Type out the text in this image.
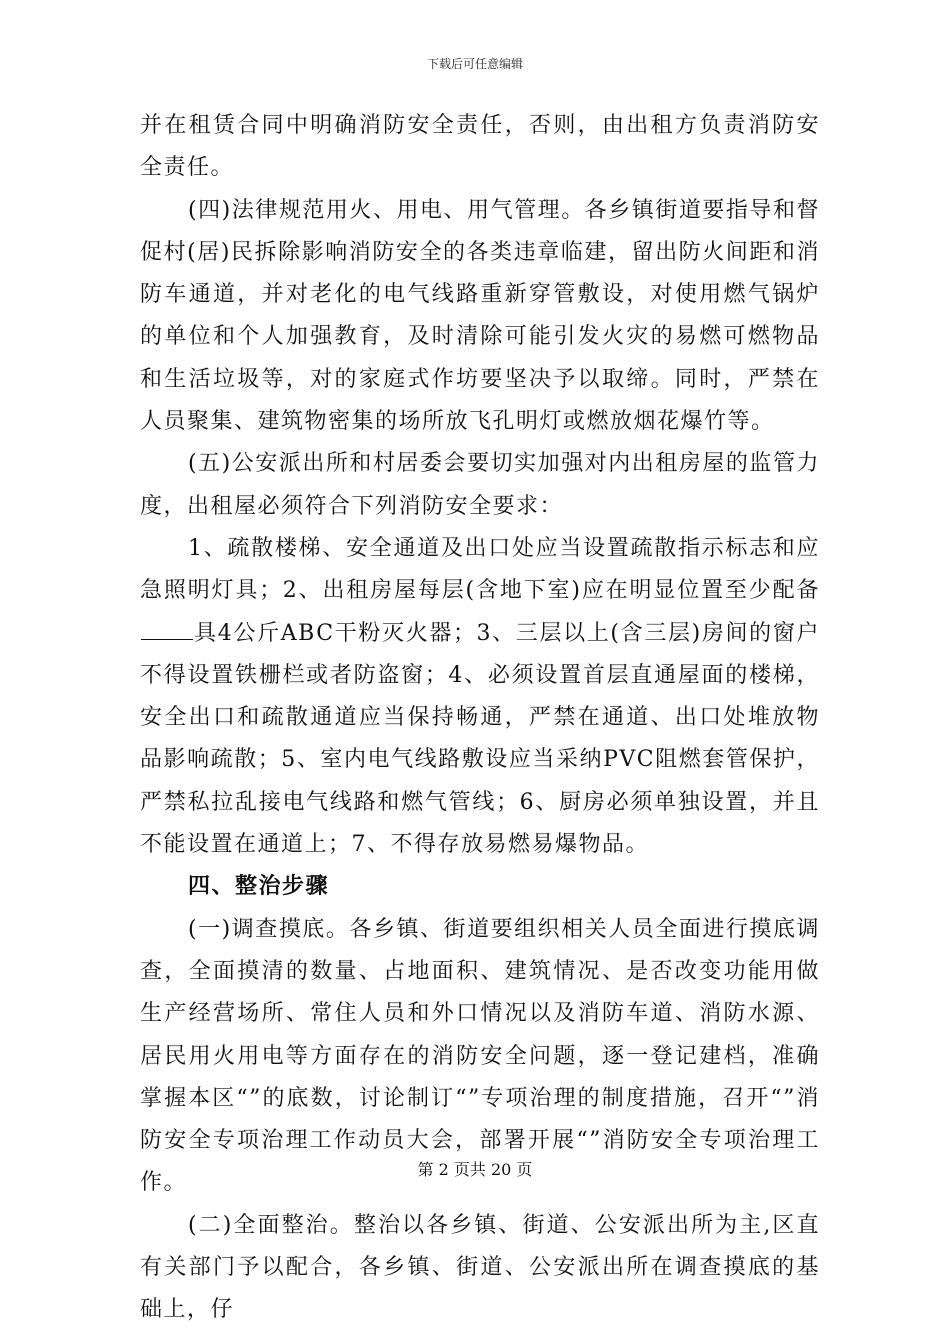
下载后可任意编辑

并在租赁合同中明确消防安全责任，否则，由出租方负责消防安全责任。

(四)法律规范用火、用电、用气管理。各乡镇街道要指导和督促村(居)民拆除影响消防安全的各类违章临建，留出防火间距和消防车通道，并对老化的电气线路重新穿管敷设，对使用燃气锅炉的单位和个人加强教育，及时清除可能引发火灾的易燃可燃物品和生活垃圾等，对的家庭式作坊要坚决予以取缔。同时，严禁在人员聚集、建筑物密集的场所放飞孔明灯或燃放烟花爆竹等。

(五)公安派出所和村居委会要切实加强对内出租房屋的监管力度，出租屋必须符合下列消防安全要求：

1、疏散楼梯、安全通道及出口处应当设置疏散指示标志和应急照明灯具；2、出租房屋每层(含地下室)应在明显位置至少配备具4公斤ABC干粉灭火器；3、三层以上(含三层)房间的窗户不得设置铁栅栏或者防盗窗；4、必须设置首层直通屋面的楼梯，安全出口和疏散通道应当保持畅通，严禁在通道、出口处堆放物品影响疏散；5、室内电气线路敷设应当采纳PVC阻燃套管保护，严禁私拉乱接电气线路和燃气管线；6、厨房必须单独设置，并且不能设置在通道上；7、不得存放易燃易爆物品。

四、整治步骤

(一)调查摸底。各乡镇、街道要组织相关人员全面进行摸底调查，全面摸清的数量、占地面积、建筑情况、是否改变功能用做生产经营场所、常住人员和外口情况以及消防车道、消防水源、居民用火用电等方面存在的消防安全问题，逐一登记建档，准确掌握本区“”的底数，讨论制订“”专项治理的制度措施，召开“”消防安全专项治理工作动员大会，部署开展“”消防安全专项治理工作。

(二)全面整治。整治以各乡镇、街道、公安派出所为主,区直有关部门予以配合，各乡镇、街道、公安派出所在调查摸底的基础上，仔

第 2 页共 20 页
